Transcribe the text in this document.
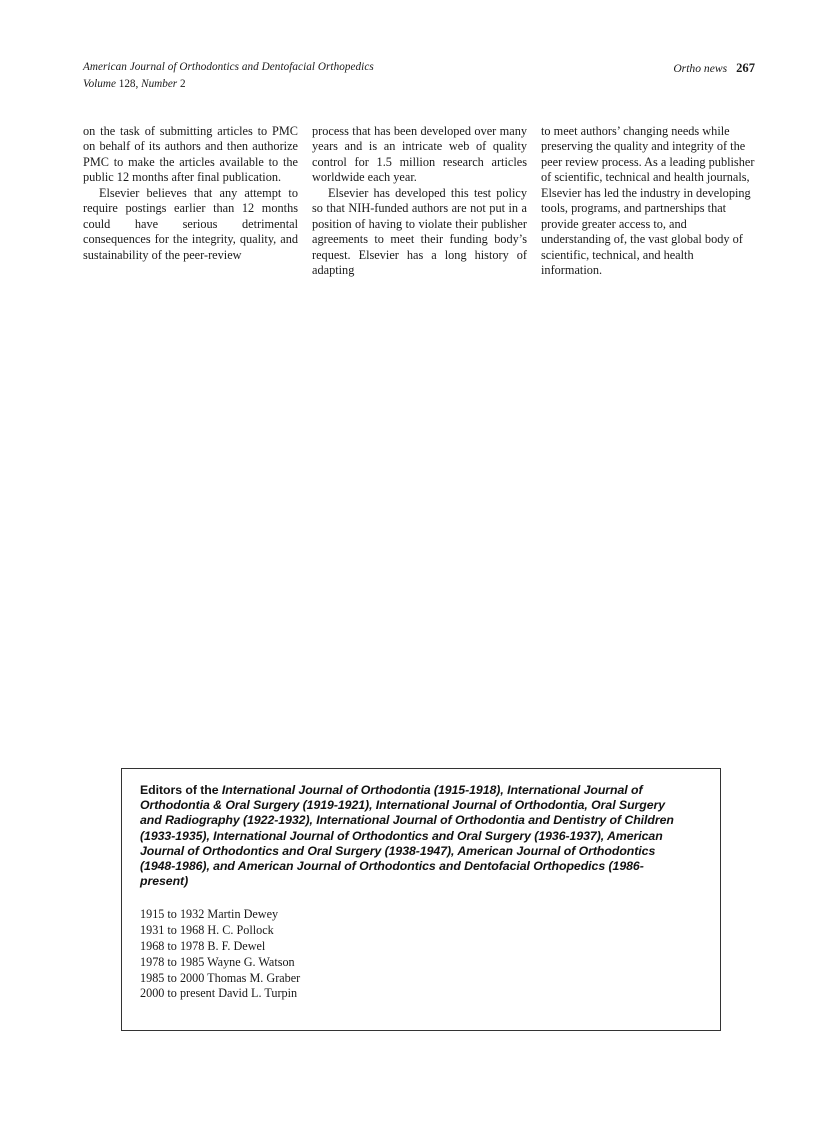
American Journal of Orthodontics and Dentofacial Orthopedics
Volume 128, Number 2
Ortho news 267

on the task of submitting articles to PMC on behalf of its authors and then authorize PMC to make the articles available to the public 12 months after final publication.

Elsevier believes that any attempt to require postings earlier than 12 months could have serious detrimental consequences for the integrity, quality, and sustainability of the peer-review

process that has been developed over many years and is an intricate web of quality control for 1.5 million research articles worldwide each year.

Elsevier has developed this test policy so that NIH-funded authors are not put in a position of having to violate their publisher agreements to meet their funding body’s request. Elsevier has a long history of adapting

to meet authors’ changing needs while preserving the quality and integrity of the peer review process. As a leading publisher of scientific, technical and health journals, Elsevier has led the industry in developing tools, programs, and partnerships that provide greater access to, and understanding of, the vast global body of scientific, technical, and health information.

Editors of the International Journal of Orthodontia (1915-1918), International Journal of Orthodontia & Oral Surgery (1919-1921), International Journal of Orthodontia, Oral Surgery and Radiography (1922-1932), International Journal of Orthodontia and Dentistry of Children (1933-1935), International Journal of Orthodontics and Oral Surgery (1936-1937), American Journal of Orthodontics and Oral Surgery (1938-1947), American Journal of Orthodontics (1948-1986), and American Journal of Orthodontics and Dentofacial Orthopedics (1986-present)
1915 to 1932 Martin Dewey
1931 to 1968 H. C. Pollock
1968 to 1978 B. F. Dewel
1978 to 1985 Wayne G. Watson
1985 to 2000 Thomas M. Graber
2000 to present David L. Turpin
